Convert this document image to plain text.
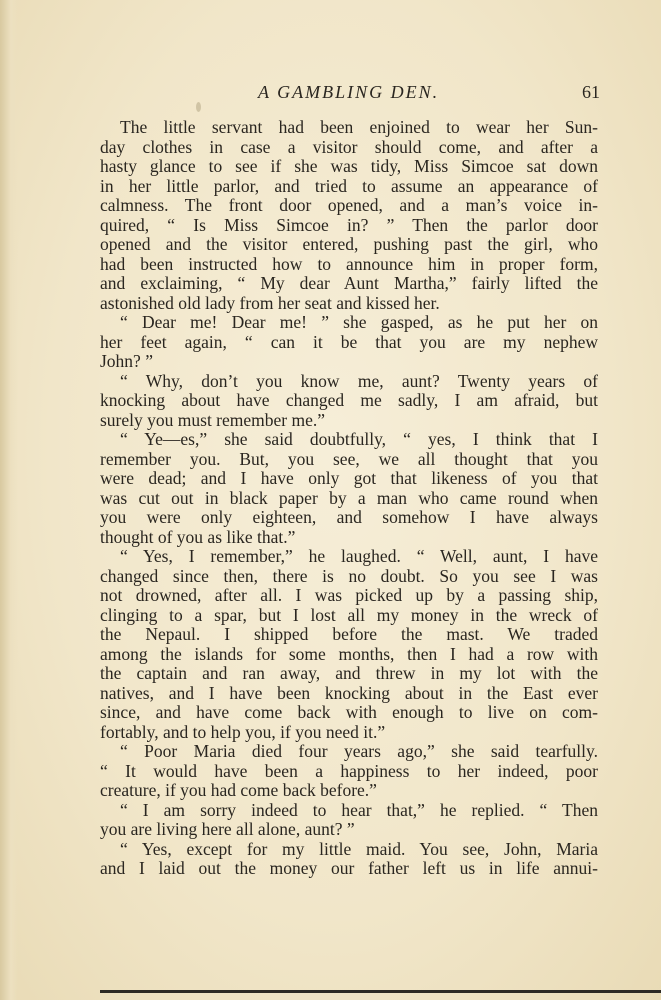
A GAMBLING DEN.	61
The little servant had been enjoined to wear her Sun-
day clothes in case a visitor should come, and after a
hasty glance to see if she was tidy, Miss Simcoe sat down
in her little parlor, and tried to assume an appearance of
calmness. The front door opened, and a man’s voice in-
quired, “ Is Miss Simcoe in? ” Then the parlor door
opened and the visitor entered, pushing past the girl, who
had been instructed how to announce him in proper form,
and exclaiming, “ My dear Aunt Martha,” fairly lifted the
astonished old lady from her seat and kissed her.
“ Dear me! Dear me! ” she gasped, as he put her on
her feet again, “ can it be that you are my nephew
John? ”
“ Why, don’t you know me, aunt? Twenty years of
knocking about have changed me sadly, I am afraid, but
surely you must remember me.”
“ Ye—es,” she said doubtfully, “ yes, I think that I
remember you. But, you see, we all thought that you
were dead; and I have only got that likeness of you that
was cut out in black paper by a man who came round when
you were only eighteen, and somehow I have always
thought of you as like that.”
“ Yes, I remember,” he laughed. “ Well, aunt, I have
changed since then, there is no doubt. So you see I was
not drowned, after all. I was picked up by a passing ship,
clinging to a spar, but I lost all my money in the wreck of
the Nepaul. I shipped before the mast. We traded
among the islands for some months, then I had a row with
the captain and ran away, and threw in my lot with the
natives, and I have been knocking about in the East ever
since, and have come back with enough to live on com-
fortably, and to help you, if you need it.”
“ Poor Maria died four years ago,” she said tearfully.
“ It would have been a happiness to her indeed, poor
creature, if you had come back before.”
“ I am sorry indeed to hear that,” he replied. “ Then
you are living here all alone, aunt? ”
“ Yes, except for my little maid. You see, John, Maria
and I laid out the money our father left us in life annui-
